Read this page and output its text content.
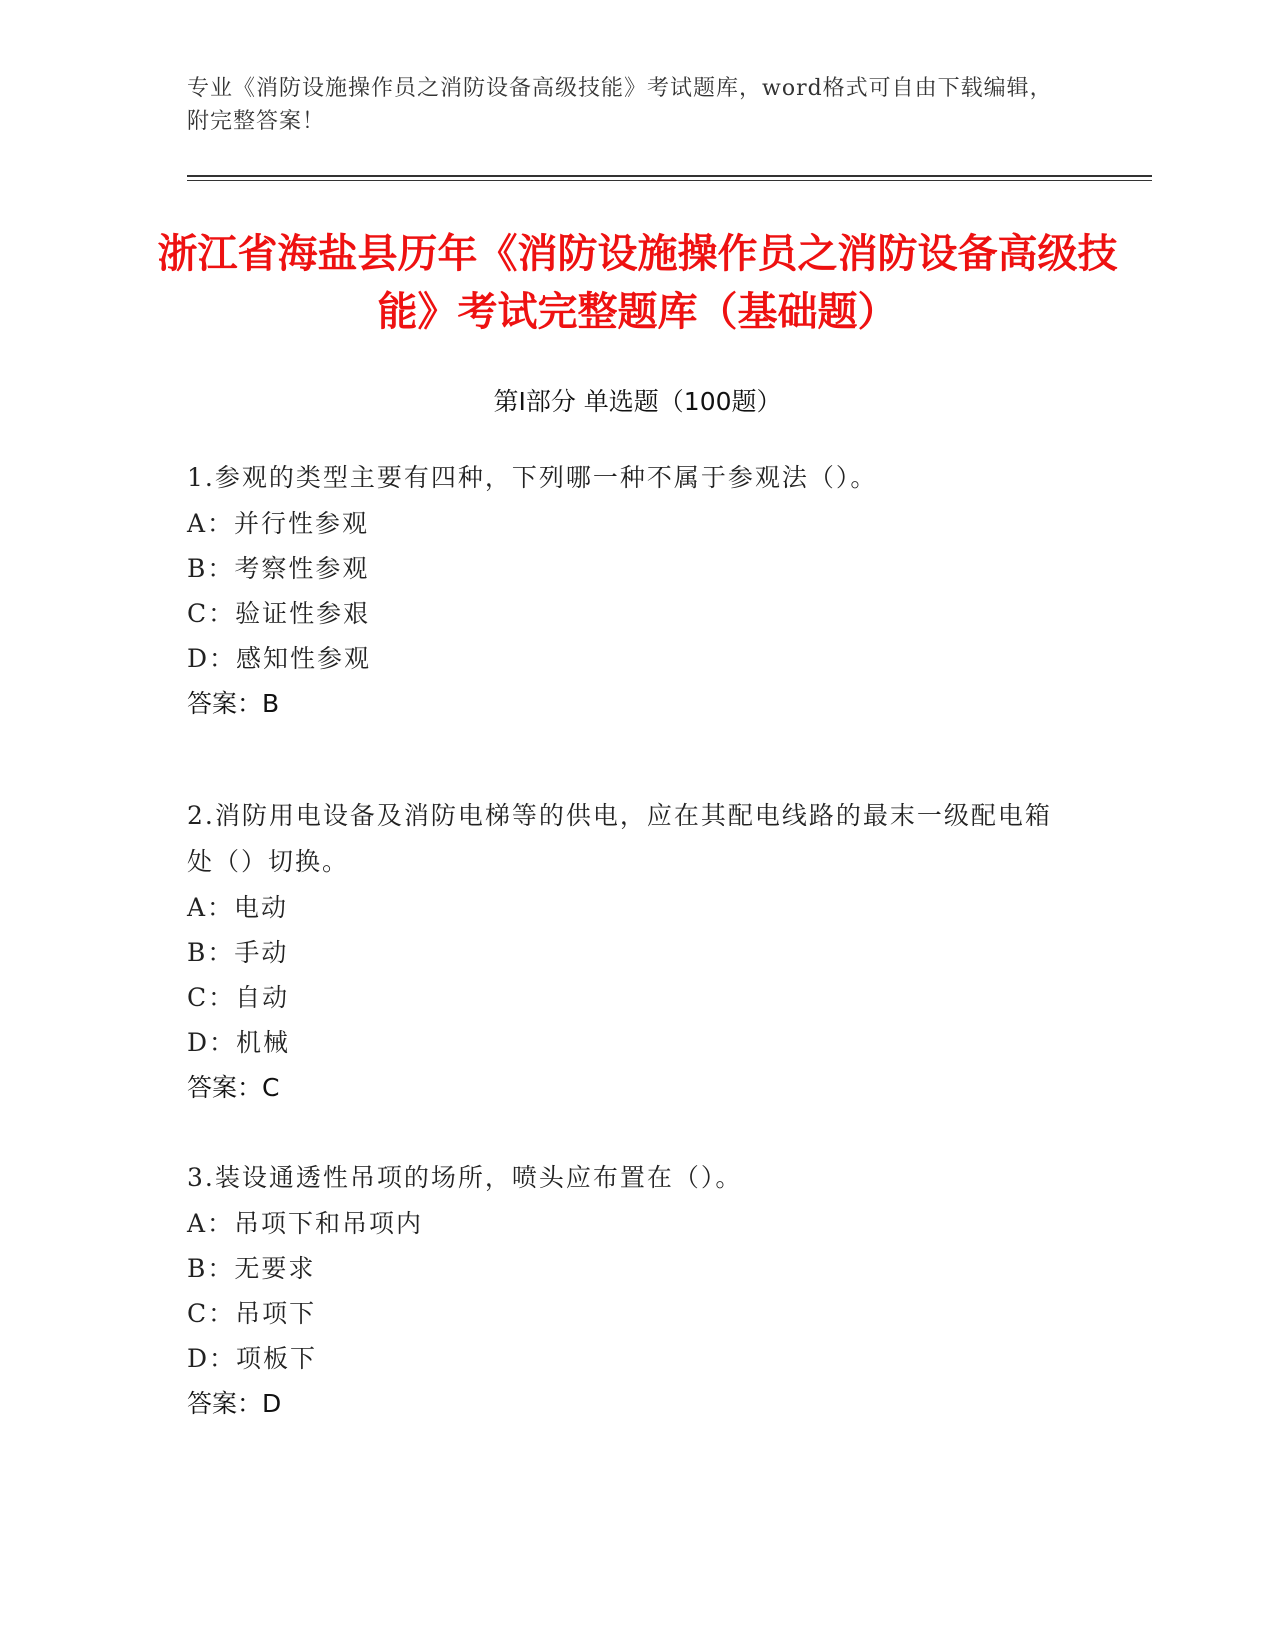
专业《消防设施操作员之消防设备高级技能》考试题库，word格式可自由下载编辑，附完整答案！
浙江省海盐县历年《消防设施操作员之消防设备高级技能》考试完整题库（基础题）
第I部分 单选题（100题）
1.参观的类型主要有四种，下列哪一种不属于参观法（）。
A：并行性参观
B：考察性参观
C：验证性参艰
D：感知性参观
答案：B
2.消防用电设备及消防电梯等的供电，应在其配电线路的最末一级配电箱处（）切换。
A：电动
B：手动
C：自动
D：机械
答案：C
3.装设通透性吊项的场所，喷头应布置在（）。
A：吊项下和吊项内
B：无要求
C：吊项下
D：项板下
答案：D
